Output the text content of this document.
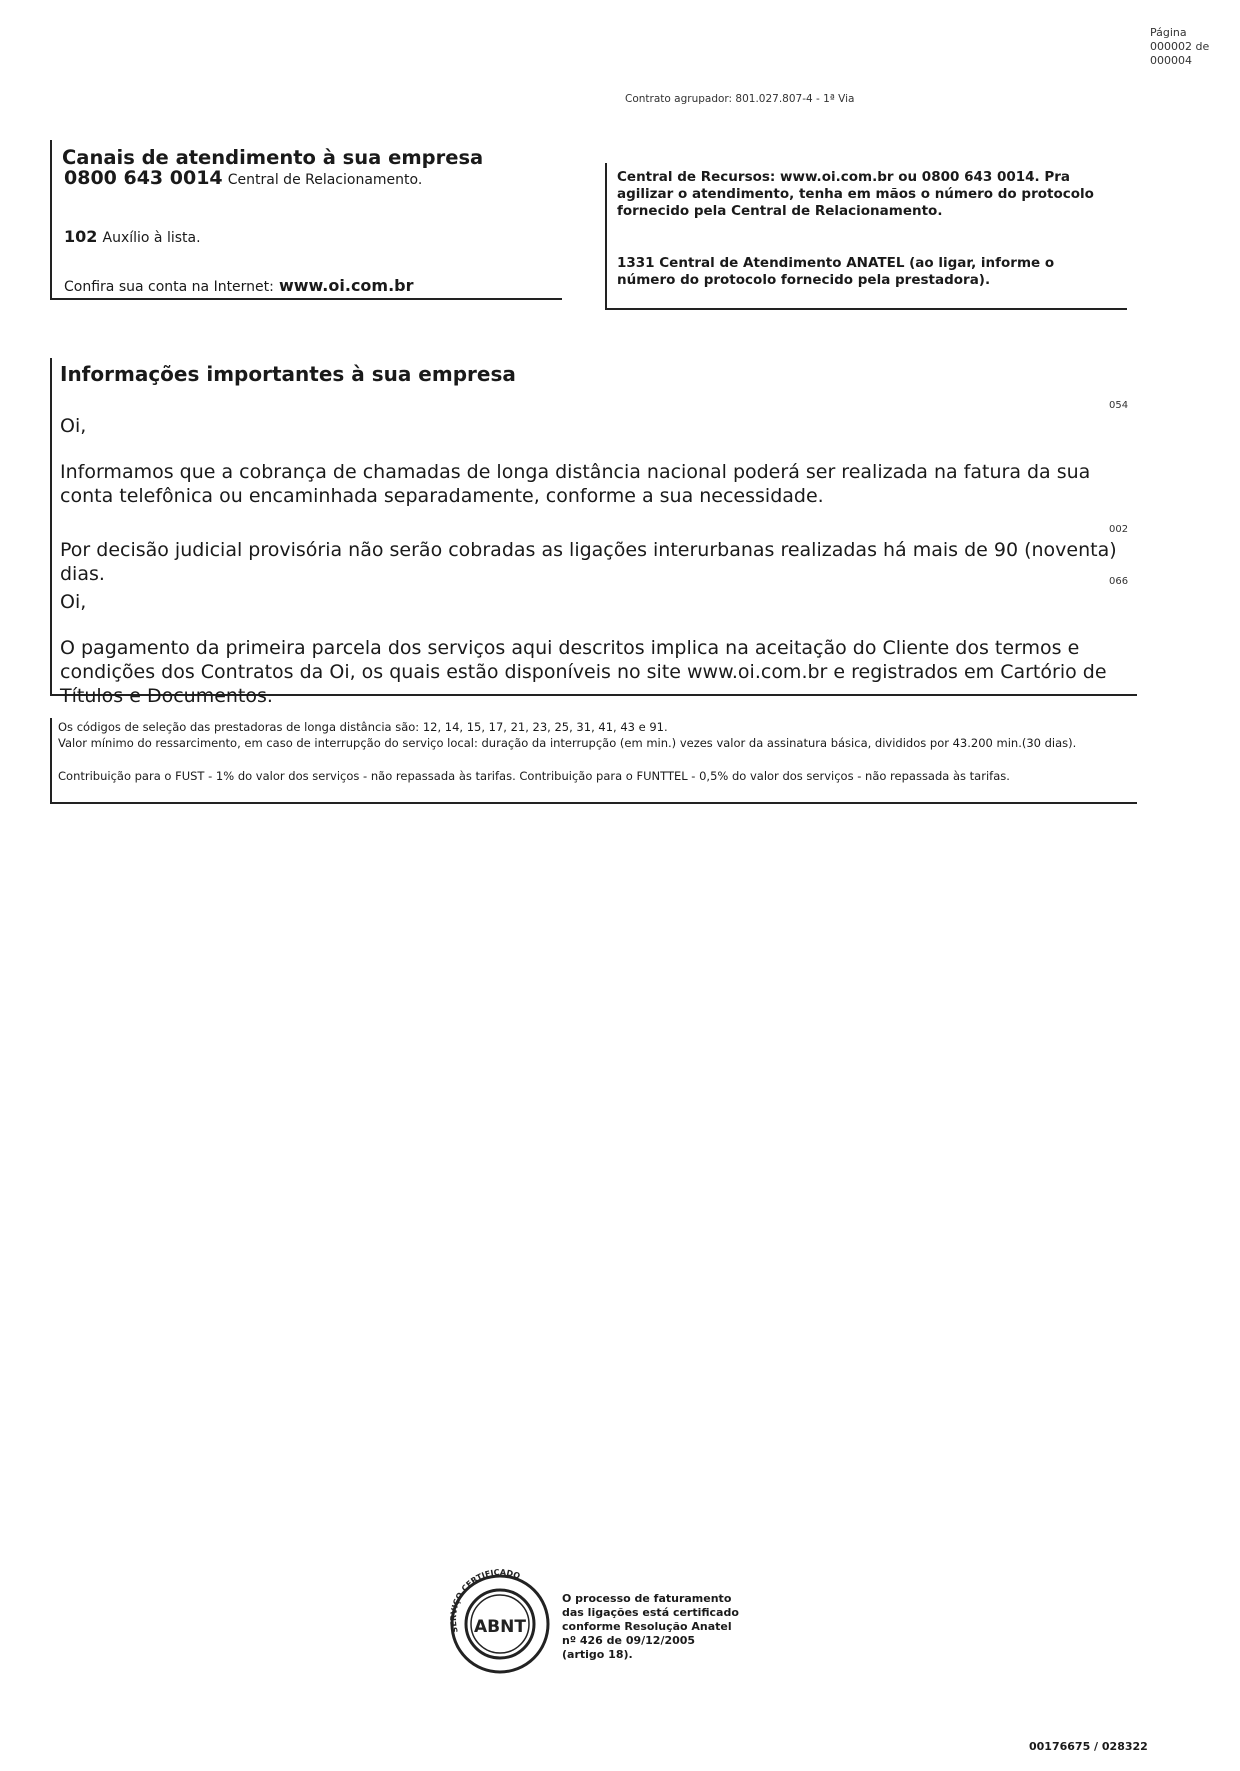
Página
000002 de
000004
Contrato agrupador: 801.027.807-4 - 1ª Via
Canais de atendimento à sua empresa
0800 643 0014 Central de Relacionamento.
102 Auxílio à lista.
Confira sua conta na Internet: www.oi.com.br
Central de Recursos: www.oi.com.br ou 0800 643 0014. Pra agilizar o atendimento, tenha em mãos o número do protocolo fornecido pela Central de Relacionamento.
1331 Central de Atendimento ANATEL (ao ligar, informe o número do protocolo fornecido pela prestadora).
Informações importantes à sua empresa
054
Oi,
Informamos que a cobrança de chamadas de longa distância nacional poderá ser realizada na fatura da sua conta telefônica ou encaminhada separadamente, conforme a sua necessidade.
002
Por decisão judicial provisória não serão cobradas as ligações interurbanas realizadas há mais de 90 (noventa) dias.	066
Oi,
O pagamento da primeira parcela dos serviços aqui descritos implica na aceitação do Cliente dos termos e condições dos Contratos da Oi, os quais estão disponíveis no site www.oi.com.br e registrados em Cartório de Títulos e Documentos.
Os códigos de seleção das prestadoras de longa distância são: 12, 14, 15, 17, 21, 23, 25, 31, 41, 43 e 91.
Valor mínimo do ressarcimento, em caso de interrupção do serviço local: duração da interrupção (em min.) vezes valor da assinatura básica, divididos por 43.200 min.(30 dias).
Contribuição para o FUST - 1% do valor dos serviços - não repassada às tarifas. Contribuição para o FUNTTEL - 0,5% do valor dos serviços - não repassada às tarifas.
SERVIÇO CERTIFICADO
ABNT
O processo de faturamento
das ligações está certificado
conforme Resolução Anatel
nº 426 de 09/12/2005
(artigo 18).
00176675 / 028322
